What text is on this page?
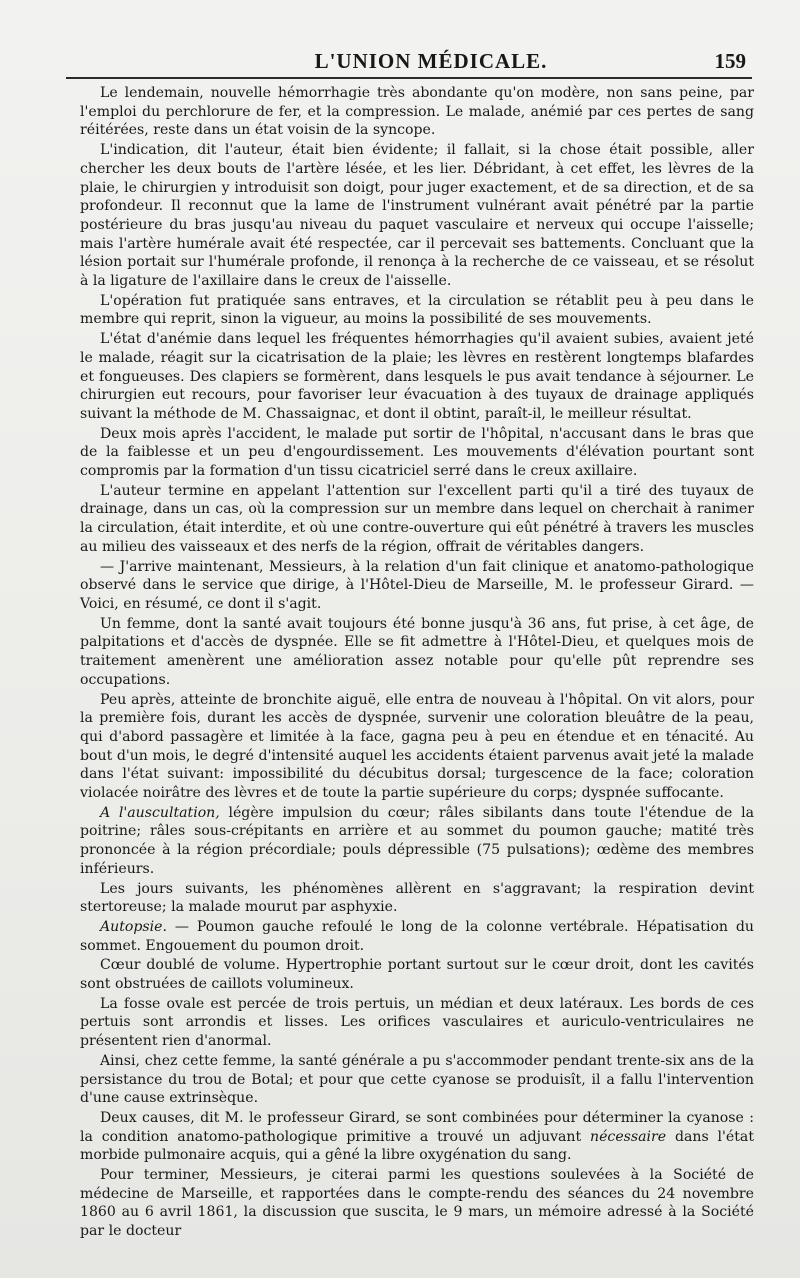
L'UNION MÉDICALE.	159

Le lendemain, nouvelle hémorrhagie très abondante qu'on modère, non sans peine, par l'emploi du perchlorure de fer, et la compression. Le malade, anémié par ces pertes de sang réitérées, reste dans un état voisin de la syncope.

L'indication, dit l'auteur, était bien évidente; il fallait, si la chose était possible, aller chercher les deux bouts de l'artère lésée, et les lier. Débridant, à cet effet, les lèvres de la plaie, le chirurgien y introduisit son doigt, pour juger exactement, et de sa direction, et de sa profondeur. Il reconnut que la lame de l'instrument vulnérant avait pénétré par la partie postérieure du bras jusqu'au niveau du paquet vasculaire et nerveux qui occupe l'aisselle; mais l'artère humérale avait été respectée, car il percevait ses battements. Concluant que la lésion portait sur l'humérale profonde, il renonça à la recherche de ce vaisseau, et se résolut à la ligature de l'axillaire dans le creux de l'aisselle.

L'opération fut pratiquée sans entraves, et la circulation se rétablit peu à peu dans le membre qui reprit, sinon la vigueur, au moins la possibilité de ses mouvements.

L'état d'anémie dans lequel les fréquentes hémorrhagies qu'il avaient subies, avaient jeté le malade, réagit sur la cicatrisation de la plaie; les lèvres en restèrent longtemps blafardes et fongueuses. Des clapiers se formèrent, dans lesquels le pus avait tendance à séjourner. Le chirurgien eut recours, pour favoriser leur évacuation à des tuyaux de drainage appliqués suivant la méthode de M. Chassaignac, et dont il obtint, paraît-il, le meilleur résultat.

Deux mois après l'accident, le malade put sortir de l'hôpital, n'accusant dans le bras que de la faiblesse et un peu d'engourdissement. Les mouvements d'élévation pourtant sont compromis par la formation d'un tissu cicatriciel serré dans le creux axillaire.

L'auteur termine en appelant l'attention sur l'excellent parti qu'il a tiré des tuyaux de drainage, dans un cas, où la compression sur un membre dans lequel on cherchait à ranimer la circulation, était interdite, et où une contre-ouverture qui eût pénétré à travers les muscles au milieu des vaisseaux et des nerfs de la région, offrait de véritables dangers.

— J'arrive maintenant, Messieurs, à la relation d'un fait clinique et anatomo-pathologique observé dans le service que dirige, à l'Hôtel-Dieu de Marseille, M. le professeur Girard. — Voici, en résumé, ce dont il s'agit.

Un femme, dont la santé avait toujours été bonne jusqu'à 36 ans, fut prise, à cet âge, de palpitations et d'accès de dyspnée. Elle se fit admettre à l'Hôtel-Dieu, et quelques mois de traitement amenèrent une amélioration assez notable pour qu'elle pût reprendre ses occupations.

Peu après, atteinte de bronchite aiguë, elle entra de nouveau à l'hôpital. On vit alors, pour la première fois, durant les accès de dyspnée, survenir une coloration bleuâtre de la peau, qui d'abord passagère et limitée à la face, gagna peu à peu en étendue et en ténacité. Au bout d'un mois, le degré d'intensité auquel les accidents étaient parvenus avait jeté la malade dans l'état suivant: impossibilité du décubitus dorsal; turgescence de la face; coloration violacée noirâtre des lèvres et de toute la partie supérieure du corps; dyspnée suffocante.

A l'auscultation, légère impulsion du cœur; râles sibilants dans toute l'étendue de la poitrine; râles sous-crépitants en arrière et au sommet du poumon gauche; matité très prononcée à la région précordiale; pouls dépressible (75 pulsations); œdème des membres inférieurs.

Les jours suivants, les phénomènes allèrent en s'aggravant; la respiration devint stertoreuse; la malade mourut par asphyxie.

Autopsie. — Poumon gauche refoulé le long de la colonne vertébrale. Hépatisation du sommet. Engouement du poumon droit.

Cœur doublé de volume. Hypertrophie portant surtout sur le cœur droit, dont les cavités sont obstruées de caillots volumineux.

La fosse ovale est percée de trois pertuis, un médian et deux latéraux. Les bords de ces pertuis sont arrondis et lisses. Les orifices vasculaires et auriculo-ventriculaires ne présentent rien d'anormal.

Ainsi, chez cette femme, la santé générale a pu s'accommoder pendant trente-six ans de la persistance du trou de Botal; et pour que cette cyanose se produisît, il a fallu l'intervention d'une cause extrinsèque.

Deux causes, dit M. le professeur Girard, se sont combinées pour déterminer la cyanose : la condition anatomo-pathologique primitive a trouvé un adjuvant nécessaire dans l'état morbide pulmonaire acquis, qui a gêné la libre oxygénation du sang.

Pour terminer, Messieurs, je citerai parmi les questions soulevées à la Société de médecine de Marseille, et rapportées dans le compte-rendu des séances du 24 novembre 1860 au 6 avril 1861, la discussion que suscita, le 9 mars, un mémoire adressé à la Société par le docteur
